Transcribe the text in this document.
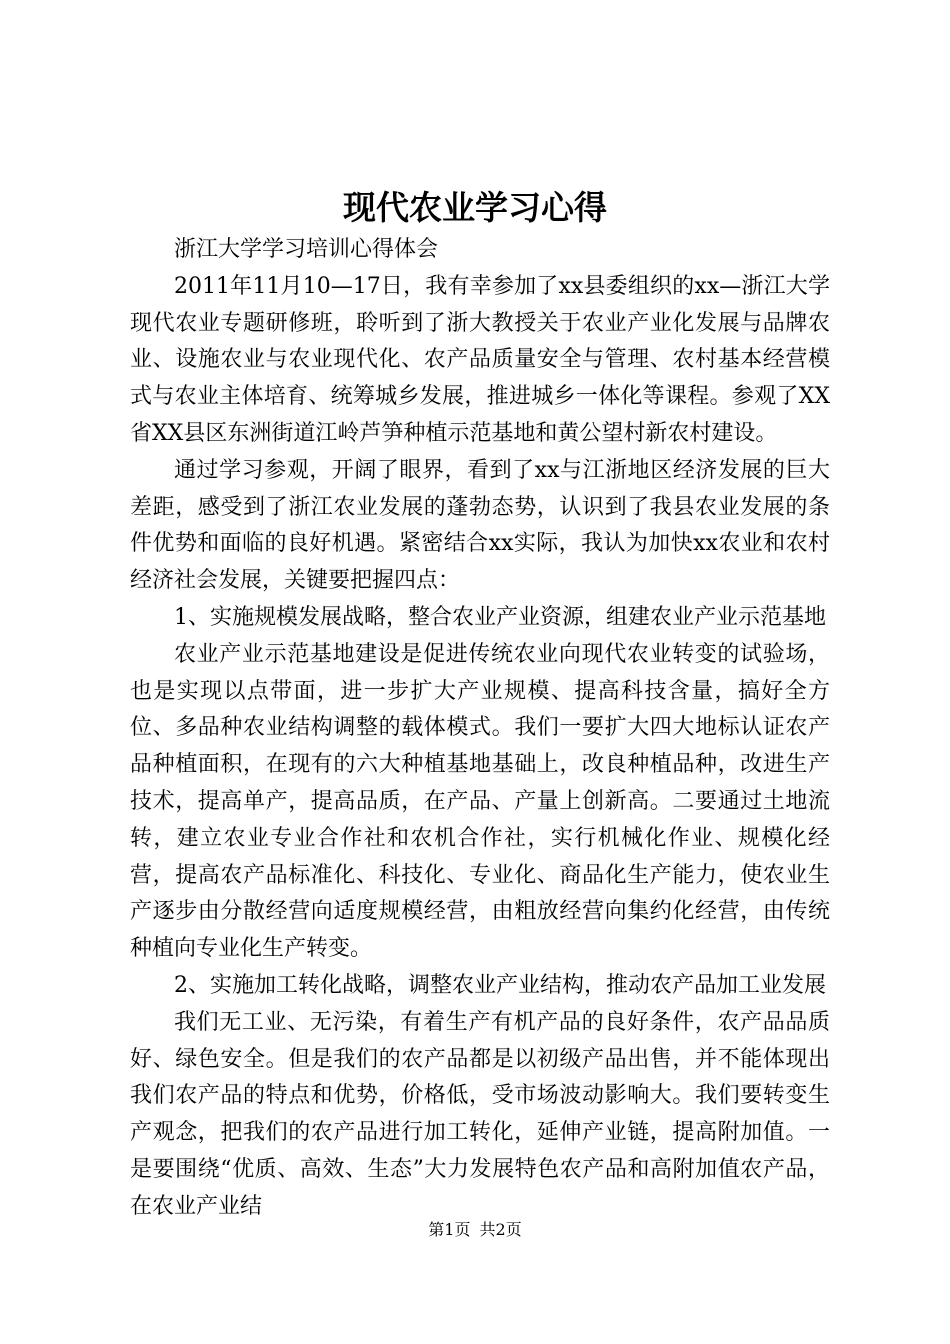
现代农业学习心得

浙江大学学习培训心得体会

2011年11月10—17日，我有幸参加了xx县委组织的xx—浙江大学现代农业专题研修班，聆听到了浙大教授关于农业产业化发展与品牌农业、设施农业与农业现代化、农产品质量安全与管理、农村基本经营模式与农业主体培育、统筹城乡发展，推进城乡一体化等课程。参观了XX省XX县区东洲街道江岭芦笋种植示范基地和黄公望村新农村建设。

通过学习参观，开阔了眼界，看到了xx与江浙地区经济发展的巨大差距，感受到了浙江农业发展的蓬勃态势，认识到了我县农业发展的条件优势和面临的良好机遇。紧密结合xx实际，我认为加快xx农业和农村经济社会发展，关键要把握四点：

1、实施规模发展战略，整合农业产业资源，组建农业产业示范基地

农业产业示范基地建设是促进传统农业向现代农业转变的试验场，也是实现以点带面，进一步扩大产业规模、提高科技含量，搞好全方位、多品种农业结构调整的载体模式。我们一要扩大四大地标认证农产品种植面积，在现有的六大种植基地基础上，改良种植品种，改进生产技术，提高单产，提高品质，在产品、产量上创新高。二要通过土地流转，建立农业专业合作社和农机合作社，实行机械化作业、规模化经营，提高农产品标准化、科技化、专业化、商品化生产能力，使农业生产逐步由分散经营向适度规模经营，由粗放经营向集约化经营，由传统种植向专业化生产转变。

2、实施加工转化战略，调整农业产业结构，推动农产品加工业发展

我们无工业、无污染，有着生产有机产品的良好条件，农产品品质好、绿色安全。但是我们的农产品都是以初级产品出售，并不能体现出我们农产品的特点和优势，价格低，受市场波动影响大。我们要转变生产观念，把我们的农产品进行加工转化，延伸产业链，提高附加值。一是要围绕“优质、高效、生态”大力发展特色农产品和高附加值农产品，在农业产业结

第1页 共2页
